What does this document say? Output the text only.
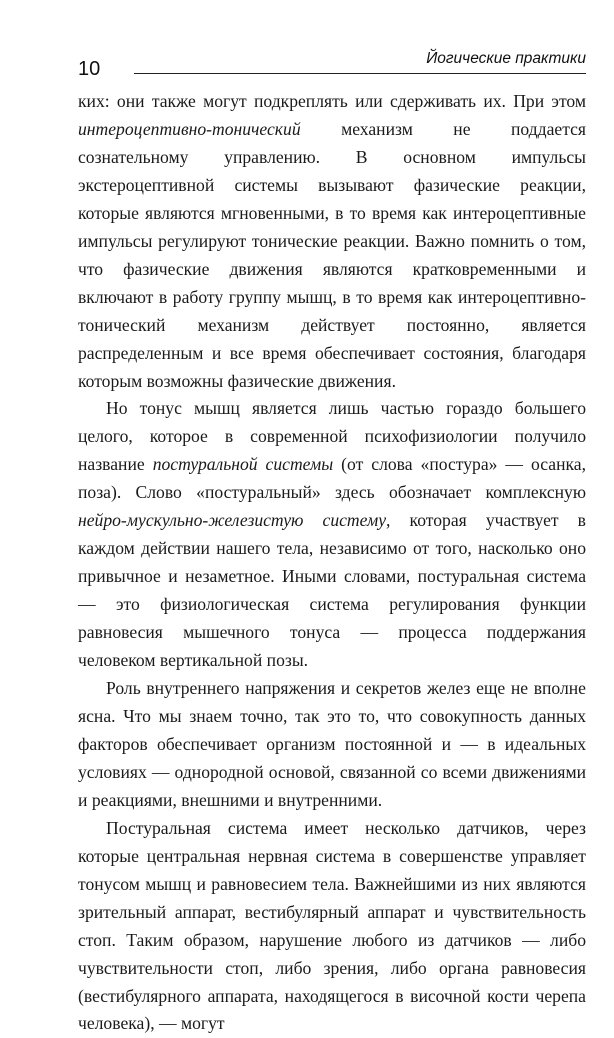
10	Йогические практики

ких: они также могут подкреплять или сдерживать их. При этом интероцептивно-тонический механизм не поддается сознательному управлению. В основном импульсы экстероцептивной системы вызывают фазические реакции, которые являются мгновенными, в то время как интероцептивные импульсы регулируют тонические реакции. Важно помнить о том, что фазические движения являются кратковременными и включают в работу группу мышц, в то время как интероцептивно-тонический механизм действует постоянно, является распределенным и все время обеспечивает состояния, благодаря которым возможны фазические движения.

Но тонус мышц является лишь частью гораздо большего целого, которое в современной психофизиологии получило название постуральной системы (от слова «постура» — осанка, поза). Слово «постуральный» здесь обозначает комплексную нейро-мускульно-железистую систему, которая участвует в каждом действии нашего тела, независимо от того, насколько оно привычное и незаметное. Иными словами, постуральная система — это физиологическая система регулирования функции равновесия мышечного тонуса — процесса поддержания человеком вертикальной позы.

Роль внутреннего напряжения и секретов желез еще не вполне ясна. Что мы знаем точно, так это то, что совокупность данных факторов обеспечивает организм постоянной и — в идеальных условиях — однородной основой, связанной со всеми движениями и реакциями, внешними и внутренними.

Постуральная система имеет несколько датчиков, через которые центральная нервная система в совершенстве управляет тонусом мышц и равновесием тела. Важнейшими из них являются зрительный аппарат, вестибулярный аппарат и чувствительность стоп. Таким образом, нарушение любого из датчиков — либо чувствительности стоп, либо зрения, либо органа равновесия (вестибулярного аппарата, находящегося в височной кости черепа человека), — могут
